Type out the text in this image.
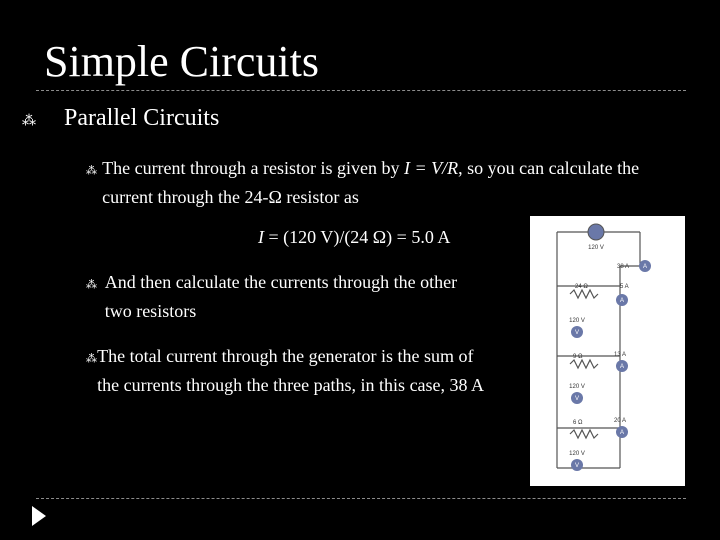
Simple Circuits
⁂	Parallel Circuits
⁂ The current through a resistor is given by I = V/R, so you can calculate the current through the 24-Ω resistor as
I = (120 V)/(24 Ω) = 5.0 A
⁂ And then calculate the currents through the other two resistors
⁂ The total current through the generator is the sum of the currents through the three paths, in this case, 38 A
120 V
38 A A
24 Ω	5 A
A
120 V
V
9 Ω	13 A
A
120 V
V
6 Ω	20 A
A
120 V
V
